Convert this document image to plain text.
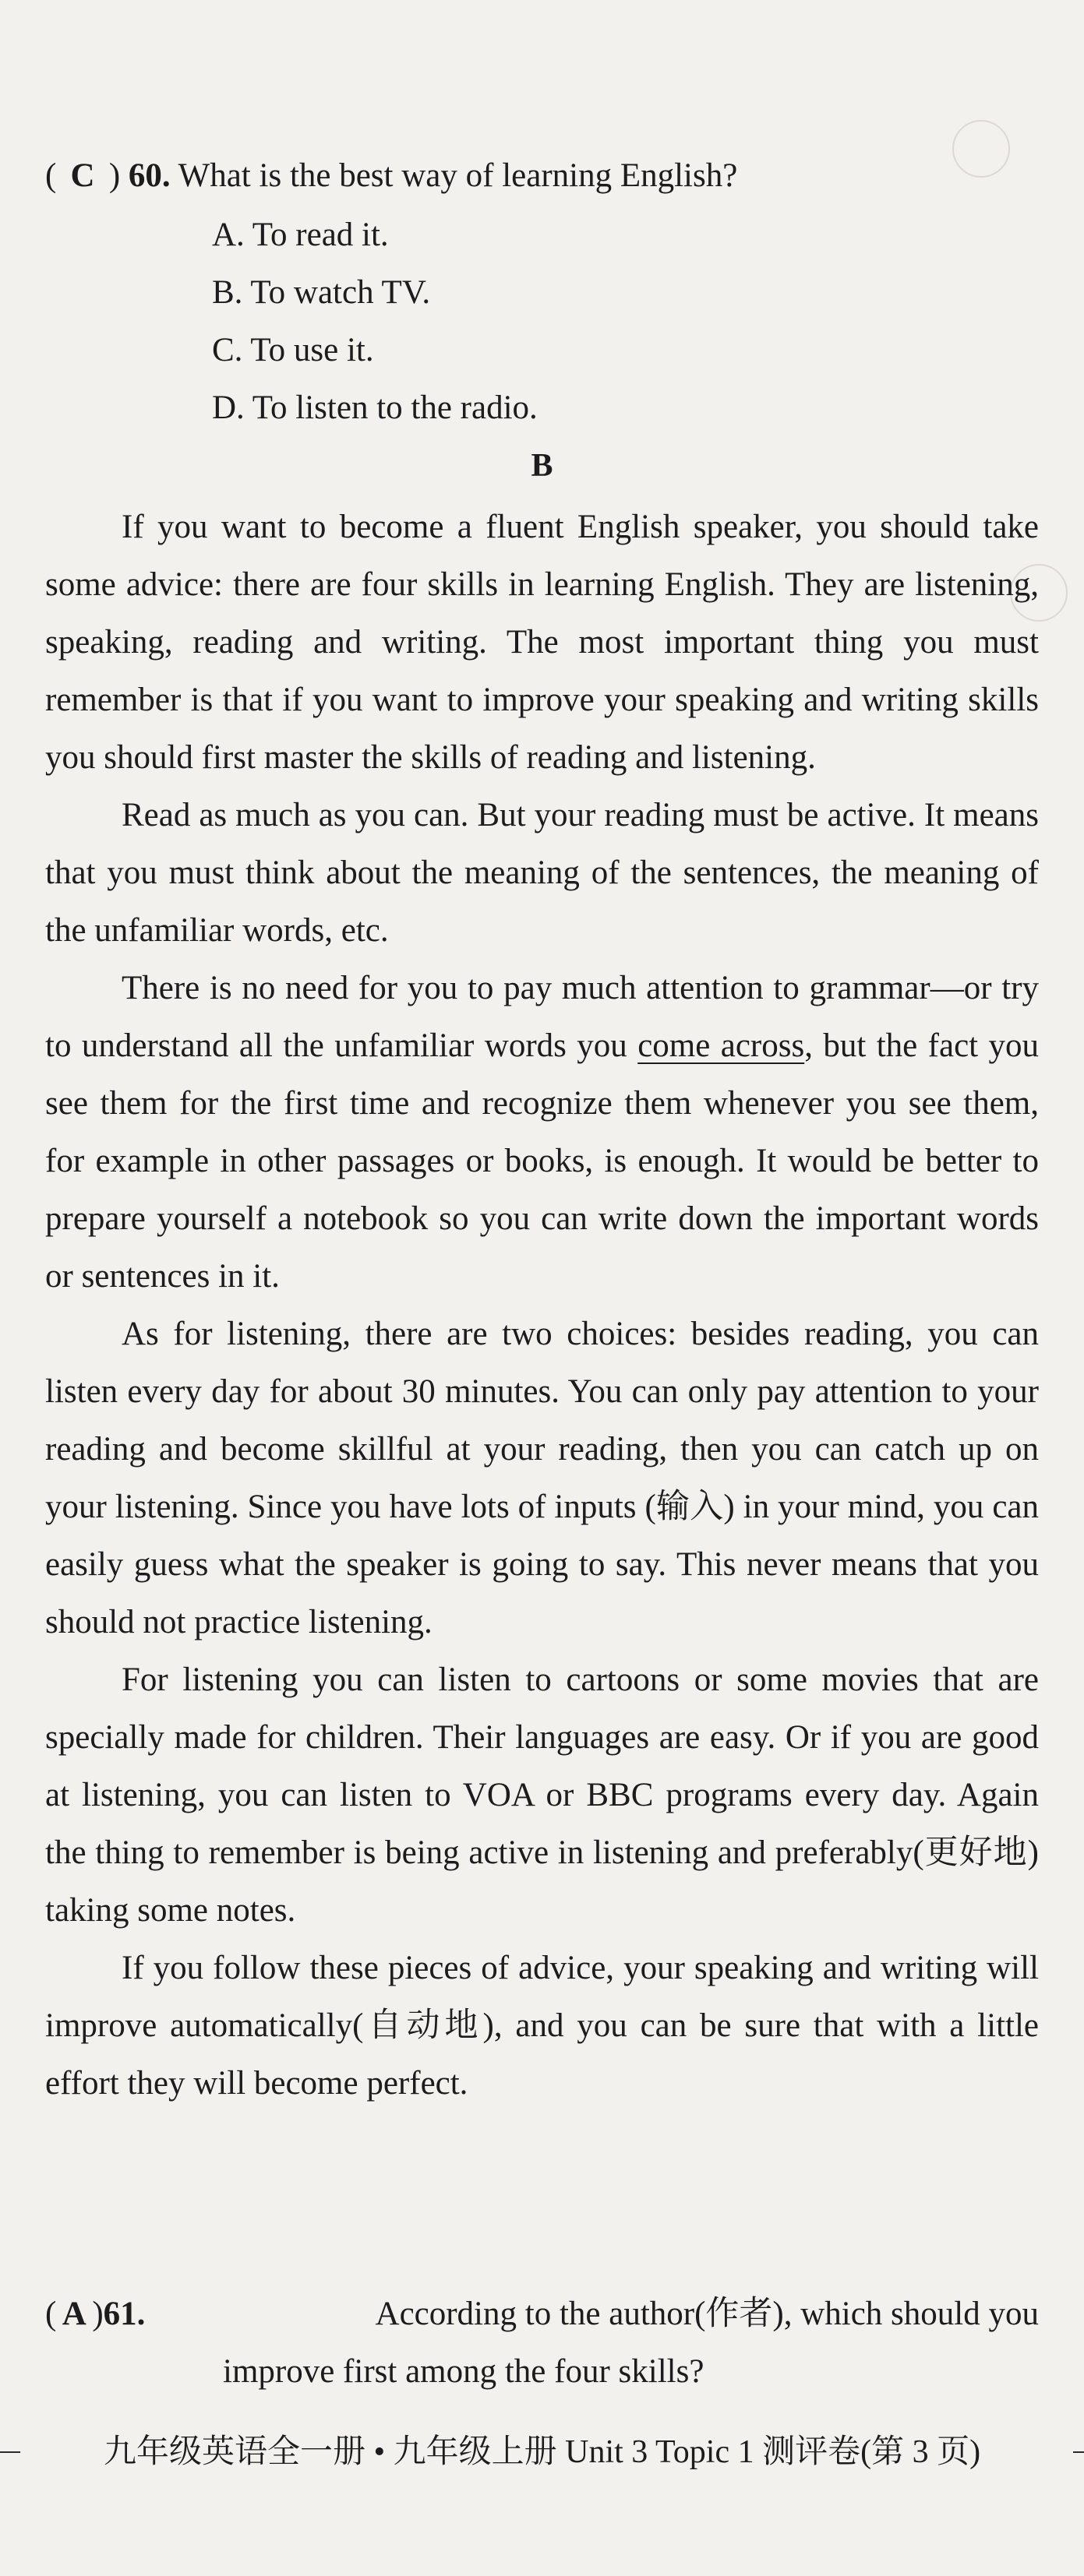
( C ) 60. What is the best way of learning English?
A. To read it.
B. To watch TV.
C. To use it.
D. To listen to the radio.
B

If you want to become a fluent English speaker, you should take some advice: there are four skills in learning English. They are listening, speaking, reading and writing. The most important thing you must remember is that if you want to improve your speaking and writing skills you should first master the skills of reading and listening.

Read as much as you can. But your reading must be active. It means that you must think about the meaning of the sentences, the meaning of the unfamiliar words, etc.

There is no need for you to pay much attention to grammar—or try to understand all the unfamiliar words you come across, but the fact you see them for the first time and recognize them whenever you see them, for example in other passages or books, is enough. It would be better to prepare yourself a notebook so you can write down the important words or sentences in it.

As for listening, there are two choices: besides reading, you can listen every day for about 30 minutes. You can only pay attention to your reading and become skillful at your reading, then you can catch up on your listening. Since you have lots of inputs (输入) in your mind, you can easily guess what the speaker is going to say. This never means that you should not practice listening.

For listening you can listen to cartoons or some movies that are specially made for children. Their languages are easy. Or if you are good at listening, you can listen to VOA or BBC programs every day. Again the thing to remember is being active in listening and preferably(更好地) taking some notes.

If you follow these pieces of advice, your speaking and writing will improve automatically(自动地), and you can be sure that with a little effort they will become perfect.

( A )61.	According to the author(作者), which should you
improve first among the four skills?
九年级英语全一册 • 九年级上册 Unit 3 Topic 1 测评卷(第 3 页)
